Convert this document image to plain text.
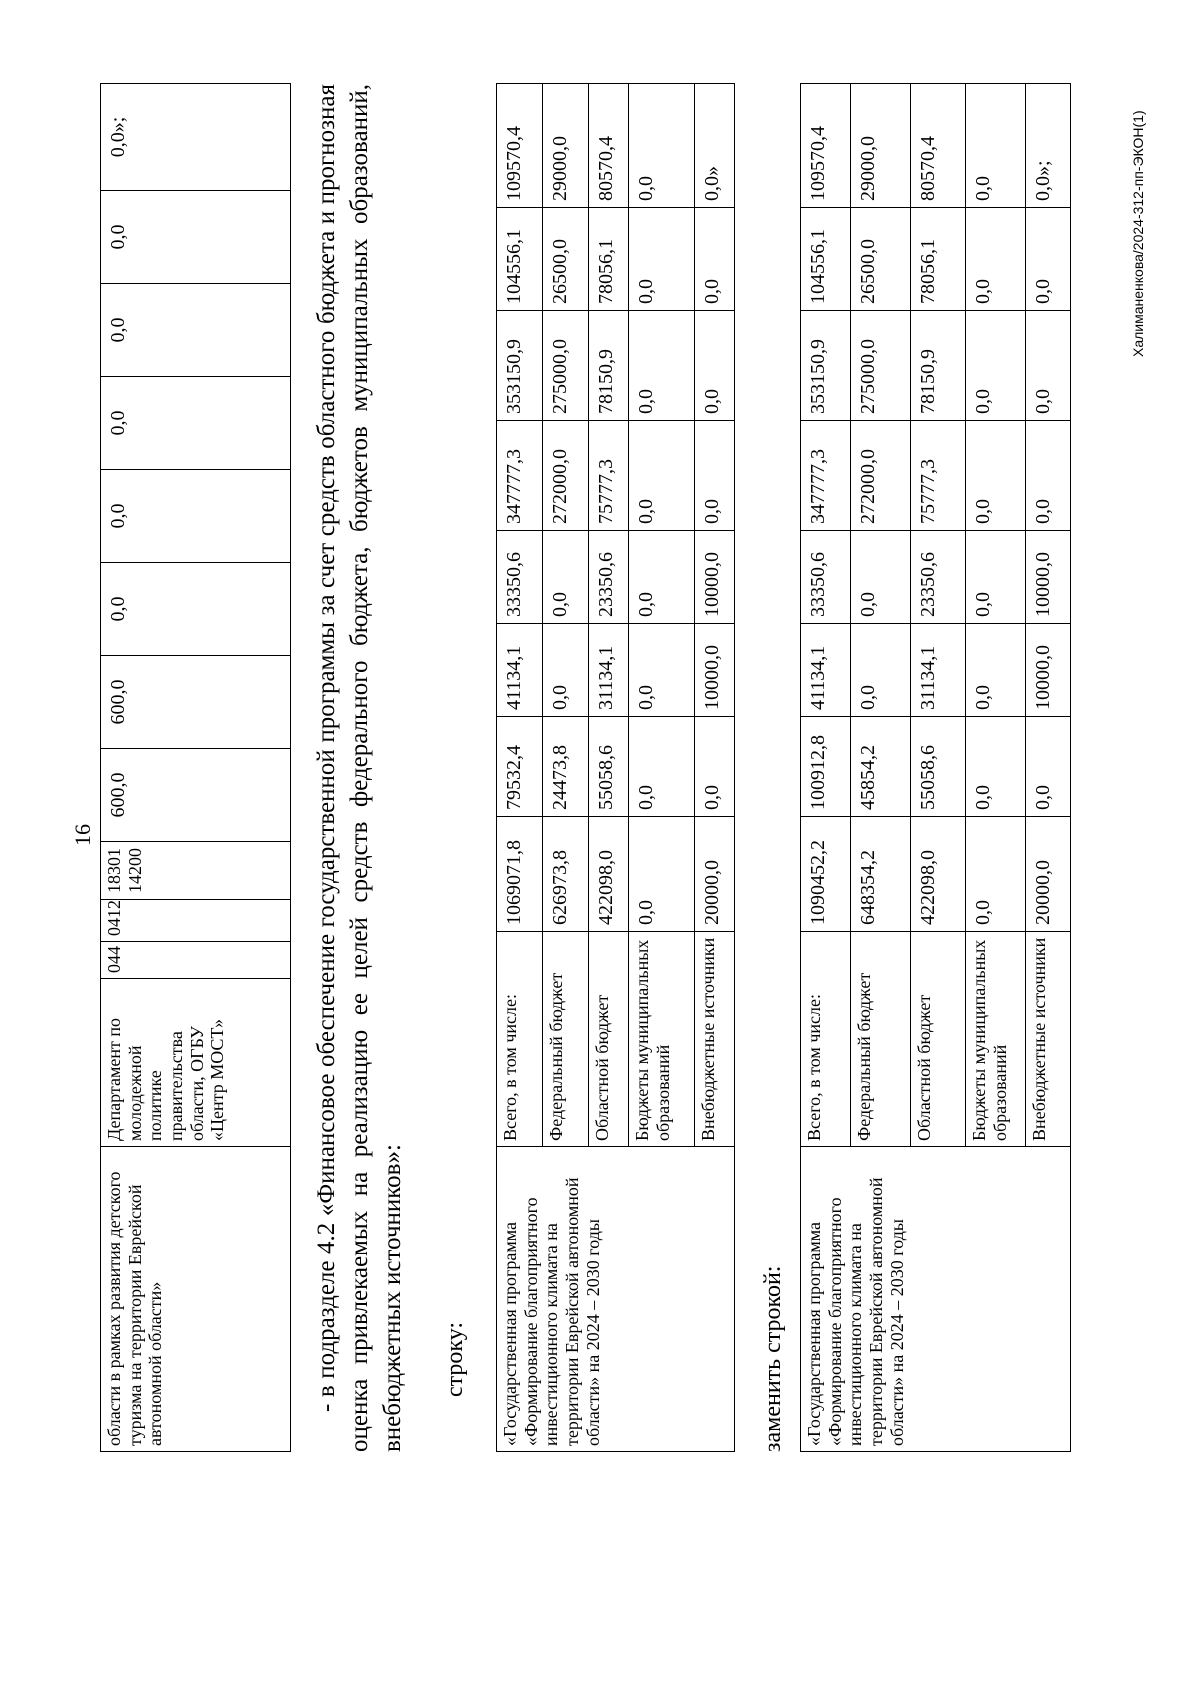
16
области в рамках развития детского туризма на территории Еврейской автономной области»	Департамент по молодежной политике правительства области, ОГБУ «Центр МОСТ»	044	0412	1830114200	600,0	600,0	0,0	0,0	0,0	0,0	0,0	0,0»;	- в подразделе 4.2 «Финансовое обеспечение государственной программы за счет средств областного бюджета и прогнозная оценка привлекаемых на реализацию ее целей средств федерального бюджета, бюджетов муниципальных образований, внебюджетных источников»: строку: «Государственная программа «Формирование благоприятного инвестиционного климата на территории Еврейской автономной области» на 2024 – 2030 годы	Всего, в том числе:	1069071,8	79532,4	41134,1	33350,6	347777,3	353150,9	104556,1	109570,4
	Федеральный бюджет	626973,8	24473,8	0,0	0,0	272000,0	275000,0	26500,0	29000,0
	Областной бюджет	422098,0	55058,6	31134,1	23350,6	75777,3	78150,9	78056,1	80570,4
	Бюджеты муниципальных образований	0,0	0,0	0,0	0,0	0,0	0,0	0,0	0,0
	Внебюджетные источники	20000,0	0,0	10000,0	10000,0	0,0	0,0	0,0	0,0»
заменить строкой: «Государственная программа «Формирование благоприятного инвестиционного климата на территории Еврейской автономной области» на 2024 – 2030 годы	Всего, в том числе:	1090452,2	100912,8	41134,1	33350,6	347777,3	353150,9	104556,1	109570,4
	Федеральный бюджет	648354,2	45854,2	0,0	0,0	272000,0	275000,0	26500,0	29000,0
	Областной бюджет	422098,0	55058,6	31134,1	23350,6	75777,3	78150,9	78056,1	80570,4
	Бюджеты муниципальных образований	0,0	0,0	0,0	0,0	0,0	0,0	0,0	0,0
	Внебюджетные источники	20000,0	0,0	10000,0	10000,0	0,0	0,0	0,0	0,0»;	Халиманенкова/2024-312-пп-ЭКОН(1)
